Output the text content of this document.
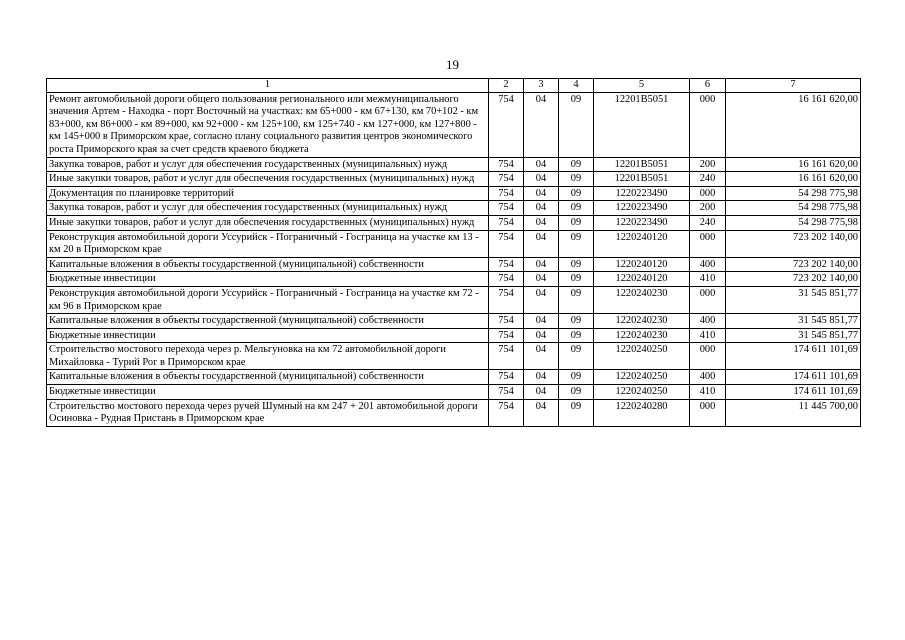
19
1	2	3	4	5	6	7
Ремонт автомобильной дороги общего пользования регионального или межмуниципального значения Артем - Находка - порт Восточный на участках: км 65+000 - км 67+130, км 70+102 - км 83+000, км 86+000 - км 89+000, км 92+000 - км 125+100, км 125+740 - км 127+000, км 127+800 - км 145+000 в Приморском крае, согласно плану социального развития центров экономического роста Приморского края за счет средств краевого бюджета	754	04	09	12201B5051	000	16 161 620,00
Закупка товаров, работ и услуг для обеспечения государственных (муниципальных) нужд	754	04	09	12201B5051	200	16 161 620,00
Иные закупки товаров, работ и услуг для обеспечения государственных (муниципальных) нужд	754	04	09	12201B5051	240	16 161 620,00
Документация по планировке территорий	754	04	09	1220223490	000	54 298 775,98
Закупка товаров, работ и услуг для обеспечения государственных (муниципальных) нужд	754	04	09	1220223490	200	54 298 775,98
Иные закупки товаров, работ и услуг для обеспечения государственных (муниципальных) нужд	754	04	09	1220223490	240	54 298 775,98
Реконструкция автомобильной дороги Уссурийск - Пограничный - Госграница на участке км 13 - км 20 в Приморском крае	754	04	09	1220240120	000	723 202 140,00
Капитальные вложения в объекты государственной (муниципальной) собственности	754	04	09	1220240120	400	723 202 140,00
Бюджетные инвестиции	754	04	09	1220240120	410	723 202 140,00
Реконструкция автомобильной дороги Уссурийск - Пограничный - Госграница на участке км 72 - км 96 в Приморском крае	754	04	09	1220240230	000	31 545 851,77
Капитальные вложения в объекты государственной (муниципальной) собственности	754	04	09	1220240230	400	31 545 851,77
Бюджетные инвестиции	754	04	09	1220240230	410	31 545 851,77
Строительство мостового перехода через р. Мельгуновка на км 72 автомобильной дороги Михайловка - Турий Рог в Приморском крае	754	04	09	1220240250	000	174 611 101,69
Капитальные вложения в объекты государственной (муниципальной) собственности	754	04	09	1220240250	400	174 611 101,69
Бюджетные инвестиции	754	04	09	1220240250	410	174 611 101,69
Строительство мостового перехода через ручей Шумный на км 247 + 201 автомобильной дороги Осиновка - Рудная Пристань в Приморском крае	754	04	09	1220240280	000	11 445 700,00
